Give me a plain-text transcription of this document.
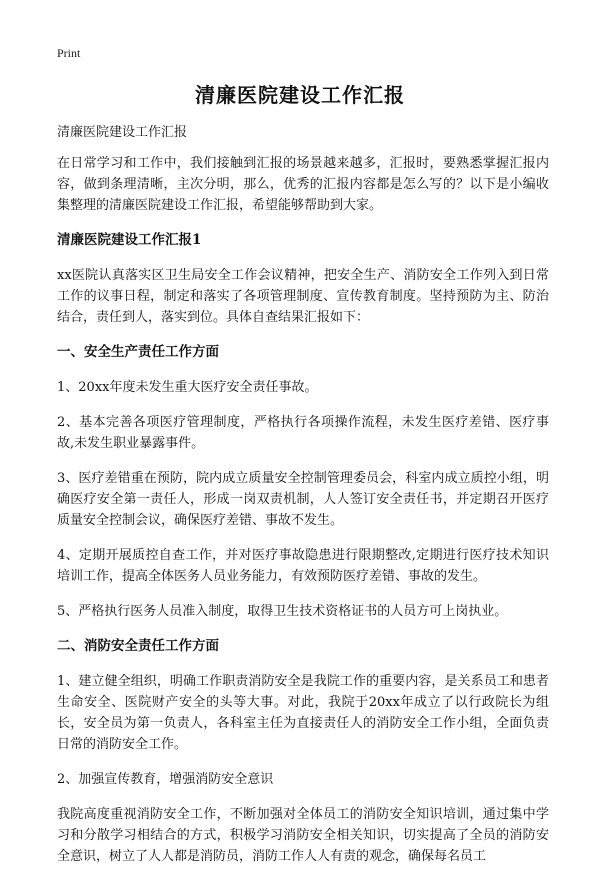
Print
清廉医院建设工作汇报

清廉医院建设工作汇报

在日常学习和工作中，我们接触到汇报的场景越来越多，汇报时，要熟悉掌握汇报内容，做到条理清晰，主次分明，那么，优秀的汇报内容都是怎么写的？以下是小编收集整理的清廉医院建设工作汇报，希望能够帮助到大家。

清廉医院建设工作汇报1

xx医院认真落实区卫生局安全工作会议精神，把安全生产、消防安全工作列入到日常工作的议事日程，制定和落实了各项管理制度、宣传教育制度。坚持预防为主、防治结合，责任到人，落实到位。具体自查结果汇报如下：

一、安全生产责任工作方面

1、20xx年度未发生重大医疗安全责任事故。

2、基本完善各项医疗管理制度，严格执行各项操作流程，未发生医疗差错、医疗事故,未发生职业暴露事件。

3、医疗差错重在预防，院内成立质量安全控制管理委员会，科室内成立质控小组，明确医疗安全第一责任人，形成一岗双责机制，人人签订安全责任书，并定期召开医疗质量安全控制会议，确保医疗差错、事故不发生。

4、定期开展质控自查工作，并对医疗事故隐患进行限期整改,定期进行医疗技术知识培训工作，提高全体医务人员业务能力，有效预防医疗差错、事故的发生。

5、严格执行医务人员准入制度，取得卫生技术资格证书的人员方可上岗执业。

二、消防安全责任工作方面

1、建立健全组织，明确工作职责消防安全是我院工作的重要内容，是关系员工和患者生命安全、医院财产安全的头等大事。对此，我院于20xx年成立了以行政院长为组长，安全员为第一负责人，各科室主任为直接责任人的消防安全工作小组，全面负责日常的消防安全工作。

2、加强宣传教育，增强消防安全意识

我院高度重视消防安全工作，不断加强对全体员工的消防安全知识培训，通过集中学习和分散学习相结合的方式，积极学习消防安全相关知识，切实提高了全员的消防安全意识，树立了人人都是消防员，消防工作人人有责的观念，确保每名员工
